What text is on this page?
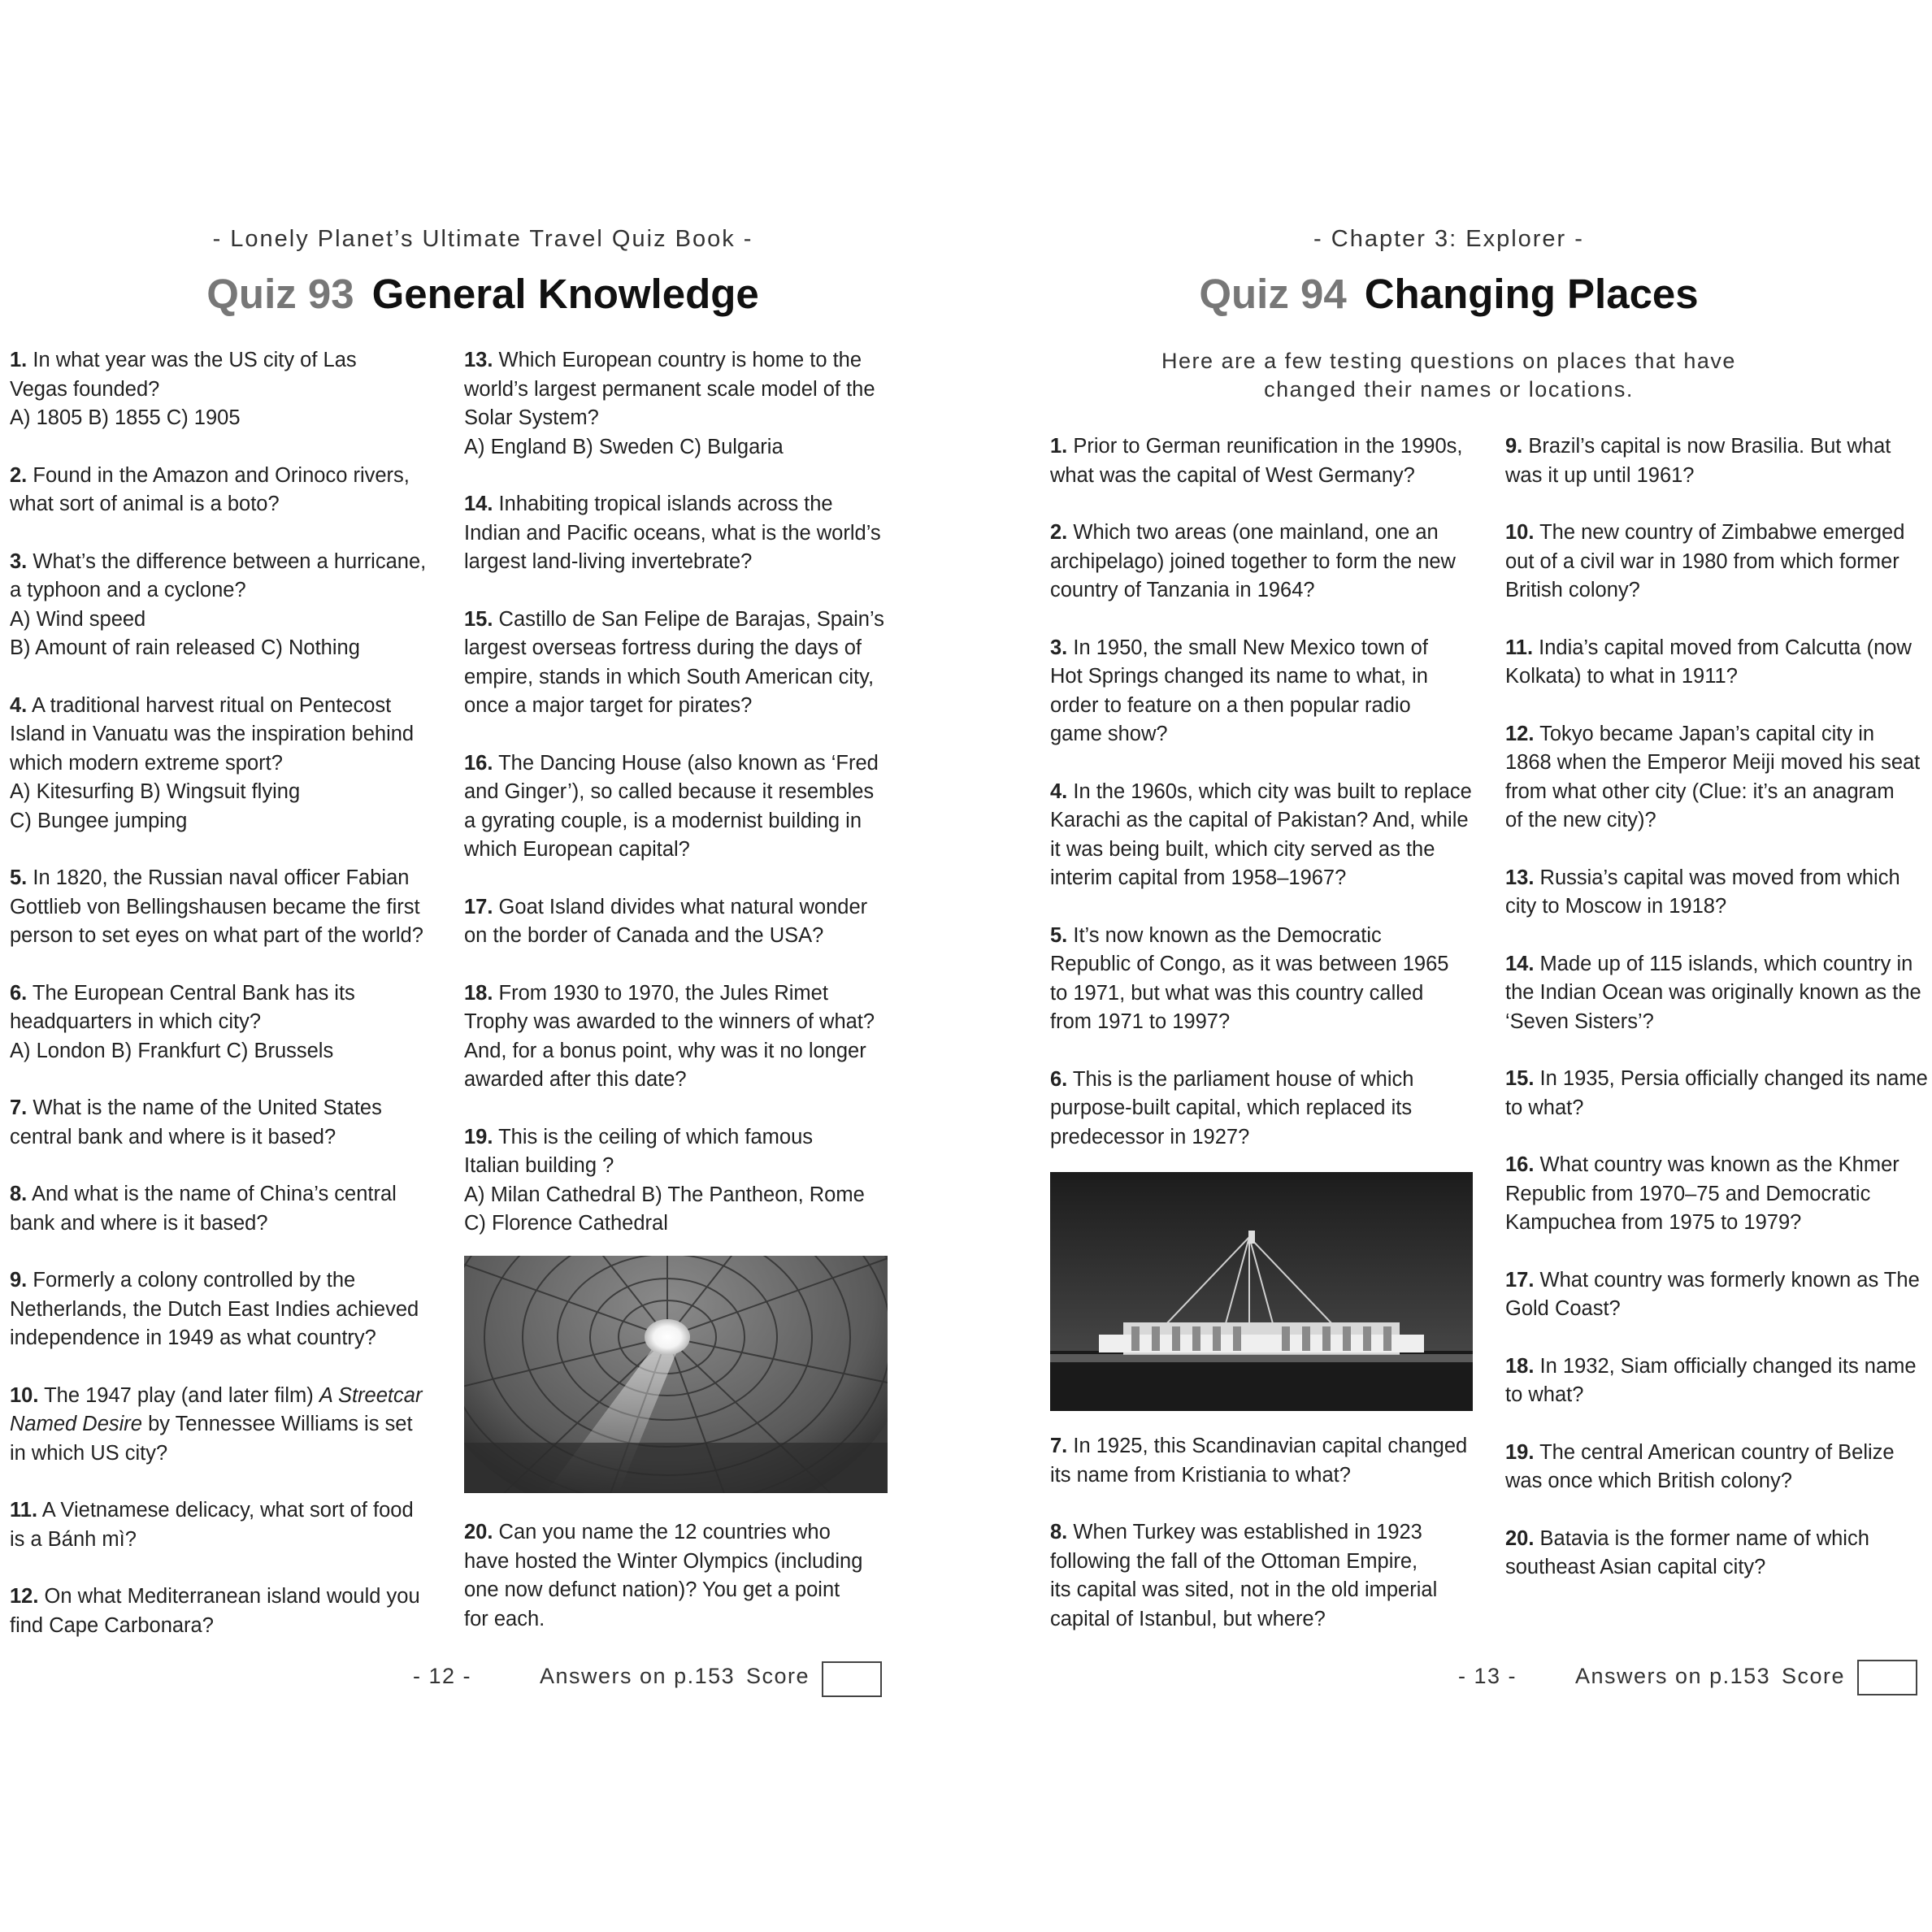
- Lonely Planet’s Ultimate Travel Quiz Book -
Quiz 93 General Knowledge
1. In what year was the US city of Las
Vegas founded?
A) 1805 B) 1855 C) 1905
2. Found in the Amazon and Orinoco rivers,
what sort of animal is a boto?
3. What’s the difference between a hurricane,
a typhoon and a cyclone?
A) Wind speed
B) Amount of rain released C) Nothing
4. A traditional harvest ritual on Pentecost
Island in Vanuatu was the inspiration behind
which modern extreme sport?
A) Kitesurfing B) Wingsuit flying
C) Bungee jumping
5. In 1820, the Russian naval officer Fabian
Gottlieb von Bellingshausen became the first
person to set eyes on what part of the world?
6. The European Central Bank has its
headquarters in which city?
A) London B) Frankfurt C) Brussels
7. What is the name of the United States
central bank and where is it based?
8. And what is the name of China’s central
bank and where is it based?
9. Formerly a colony controlled by the
Netherlands, the Dutch East Indies achieved
independence in 1949 as what country?
10. The 1947 play (and later film) A Streetcar
Named Desire by Tennessee Williams is set
in which US city?
11. A Vietnamese delicacy, what sort of food
is a Bánh mì?
12. On what Mediterranean island would you
find Cape Carbonara?
13. Which European country is home to the
world’s largest permanent scale model of the
Solar System?
A) England B) Sweden C) Bulgaria
14. Inhabiting tropical islands across the
Indian and Pacific oceans, what is the world’s
largest land-living invertebrate?
15. Castillo de San Felipe de Barajas, Spain’s
largest overseas fortress during the days of
empire, stands in which South American city,
once a major target for pirates?
16. The Dancing House (also known as ‘Fred
and Ginger’), so called because it resembles
a gyrating couple, is a modernist building in
which European capital?
17. Goat Island divides what natural wonder
on the border of Canada and the USA?
18. From 1930 to 1970, the Jules Rimet
Trophy was awarded to the winners of what?
And, for a bonus point, why was it no longer
awarded after this date?
19. This is the ceiling of which famous
Italian building ?
A) Milan Cathedral B) The Pantheon, Rome
C) Florence Cathedral
- 12 -	Answers on p.153 Score
20. Can you name the 12 countries who
have hosted the Winter Olympics (including
one now defunct nation)? You get a point
for each.
- Chapter 3: Explorer -
Quiz 94 Changing Places
Here are a few testing questions on places that have
changed their names or locations.
1. Prior to German reunification in the 1990s,
what was the capital of West Germany?
2. Which two areas (one mainland, one an
archipelago) joined together to form the new
country of Tanzania in 1964?
3. In 1950, the small New Mexico town of
Hot Springs changed its name to what, in
order to feature on a then popular radio
game show?
4. In the 1960s, which city was built to replace
Karachi as the capital of Pakistan? And, while
it was being built, which city served as the
interim capital from 1958–1967?
5. It’s now known as the Democratic
Republic of Congo, as it was between 1965
to 1971, but what was this country called
from 1971 to 1997?
6. This is the parliament house of which
purpose-built capital, which replaced its
predecessor in 1927?
9. Brazil’s capital is now Brasilia. But what
was it up until 1961?
10. The new country of Zimbabwe emerged
out of a civil war in 1980 from which former
British colony?
11. India’s capital moved from Calcutta (now
Kolkata) to what in 1911?
12. Tokyo became Japan’s capital city in
1868 when the Emperor Meiji moved his seat
from what other city (Clue: it’s an anagram
of the new city)?
13. Russia’s capital was moved from which
city to Moscow in 1918?
14. Made up of 115 islands, which country in
the Indian Ocean was originally known as the
‘Seven Sisters’?
15. In 1935, Persia officially changed its name
to what?
16. What country was known as the Khmer
Republic from 1970–75 and Democratic
Kampuchea from 1975 to 1979?
17. What country was formerly known as The
Gold Coast?
18. In 1932, Siam officially changed its name
to what?
19. The central American country of Belize
was once which British colony?
20. Batavia is the former name of which
southeast Asian capital city?
- 13 -	Answers on p.153 Score
7. In 1925, this Scandinavian capital changed
its name from Kristiania to what?
8. When Turkey was established in 1923
following the fall of the Ottoman Empire,
its capital was sited, not in the old imperial
capital of Istanbul, but where?
